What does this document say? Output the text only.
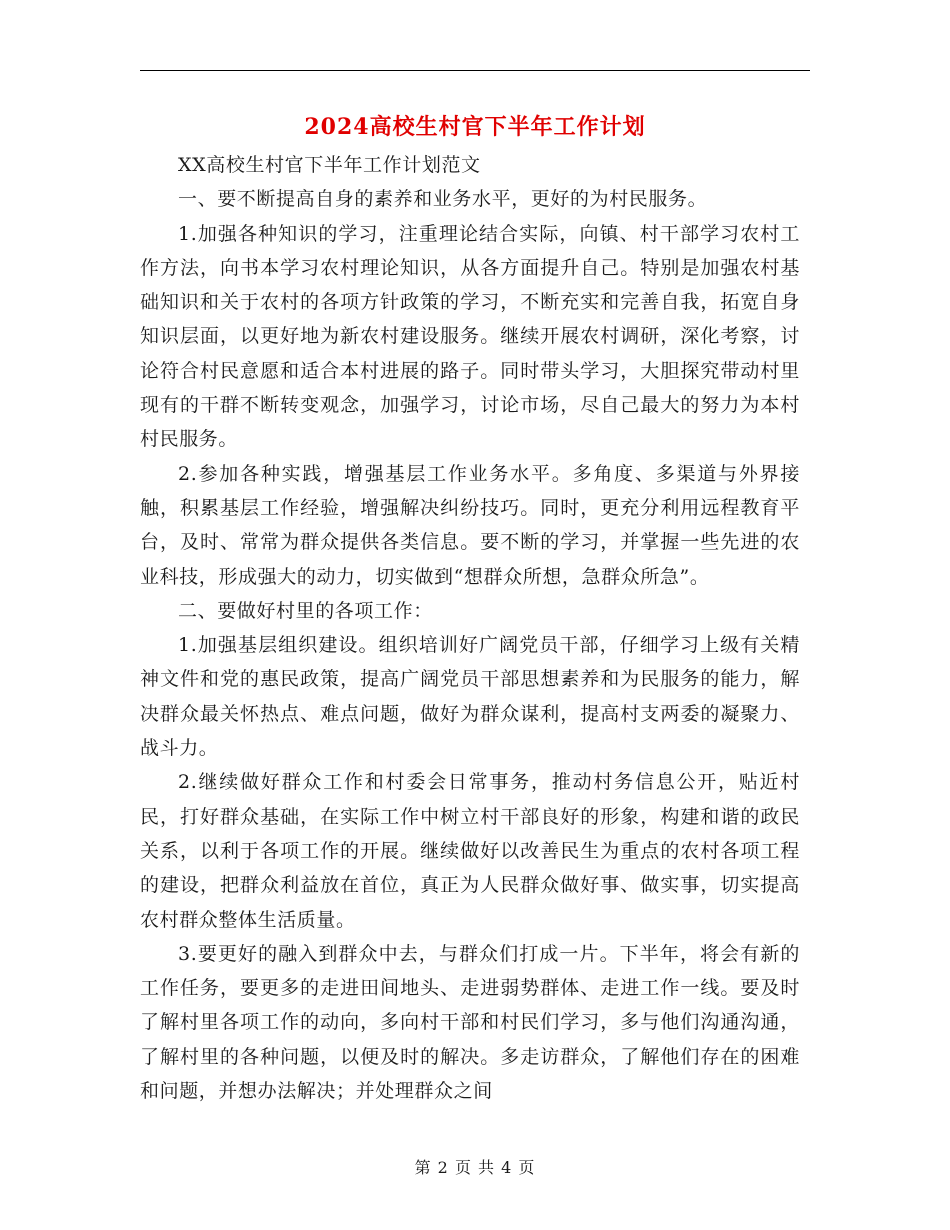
2024高校生村官下半年工作计划

XX高校生村官下半年工作计划范文

一、要不断提高自身的素养和业务水平，更好的为村民服务。

1.加强各种知识的学习，注重理论结合实际，向镇、村干部学习农村工作方法，向书本学习农村理论知识，从各方面提升自己。特别是加强农村基础知识和关于农村的各项方针政策的学习，不断充实和完善自我，拓宽自身知识层面，以更好地为新农村建设服务。继续开展农村调研，深化考察，讨论符合村民意愿和适合本村进展的路子。同时带头学习，大胆探究带动村里现有的干群不断转变观念，加强学习，讨论市场，尽自己最大的努力为本村村民服务。

2.参加各种实践，增强基层工作业务水平。多角度、多渠道与外界接触，积累基层工作经验，增强解决纠纷技巧。同时，更充分利用远程教育平台，及时、常常为群众提供各类信息。要不断的学习，并掌握一些先进的农业科技，形成强大的动力，切实做到“想群众所想，急群众所急”。

二、要做好村里的各项工作：

1.加强基层组织建设。组织培训好广阔党员干部，仔细学习上级有关精神文件和党的惠民政策，提高广阔党员干部思想素养和为民服务的能力，解决群众最关怀热点、难点问题，做好为群众谋利，提高村支两委的凝聚力、战斗力。

2.继续做好群众工作和村委会日常事务，推动村务信息公开，贴近村民，打好群众基础，在实际工作中树立村干部良好的形象，构建和谐的政民关系，以利于各项工作的开展。继续做好以改善民生为重点的农村各项工程的建设，把群众利益放在首位，真正为人民群众做好事、做实事，切实提高农村群众整体生活质量。

3.要更好的融入到群众中去，与群众们打成一片。下半年，将会有新的工作任务，要更多的走进田间地头、走进弱势群体、走进工作一线。要及时了解村里各项工作的动向，多向村干部和村民们学习，多与他们沟通沟通，了解村里的各种问题，以便及时的解决。多走访群众，了解他们存在的困难和问题，并想办法解决；并处理群众之间

第 2 页 共 4 页
